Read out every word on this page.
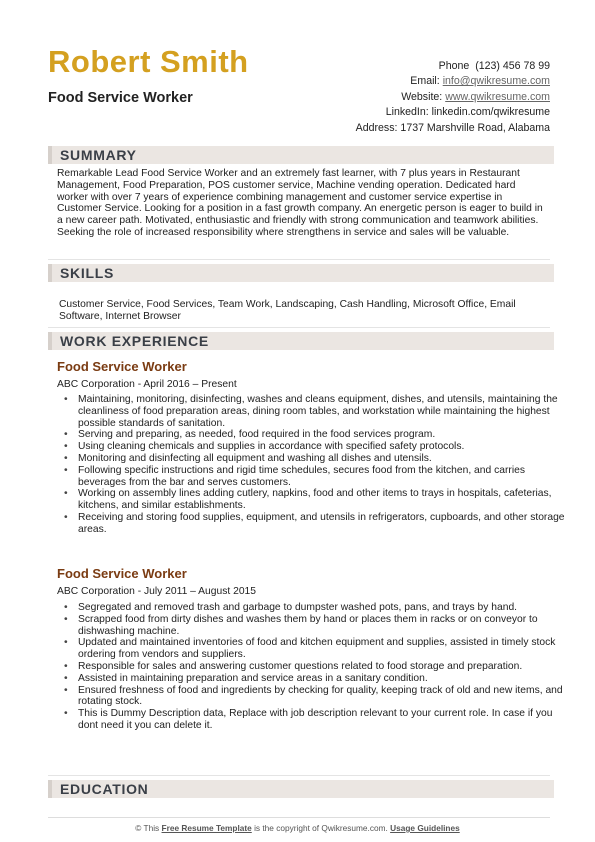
Robert Smith
Food Service Worker
Phone (123) 456 78 99
Email: info@qwikresume.com
Website: www.qwikresume.com
LinkedIn: linkedin.com/qwikresume
Address: 1737 Marshville Road, Alabama
SUMMARY
Remarkable Lead Food Service Worker and an extremely fast learner, with 7 plus years in Restaurant Management, Food Preparation, POS customer service, Machine vending operation. Dedicated hard worker with over 7 years of experience combining management and customer service expertise in Customer Service. Looking for a position in a fast growth company. An energetic person is eager to build in a new career path. Motivated, enthusiastic and friendly with strong communication and teamwork abilities. Seeking the role of increased responsibility where strengthens in service and sales will be valuable.
SKILLS
Customer Service, Food Services, Team Work, Landscaping, Cash Handling, Microsoft Office, Email Software, Internet Browser
WORK EXPERIENCE
Food Service Worker
ABC Corporation - April 2016 – Present
• Maintaining, monitoring, disinfecting, washes and cleans equipment, dishes, and utensils, maintaining the cleanliness of food preparation areas, dining room tables, and workstation while maintaining the highest possible standards of sanitation.
• Serving and preparing, as needed, food required in the food services program.
• Using cleaning chemicals and supplies in accordance with specified safety protocols.
• Monitoring and disinfecting all equipment and washing all dishes and utensils.
• Following specific instructions and rigid time schedules, secures food from the kitchen, and carries beverages from the bar and serves customers.
• Working on assembly lines adding cutlery, napkins, food and other items to trays in hospitals, cafeterias, kitchens, and similar establishments.
• Receiving and storing food supplies, equipment, and utensils in refrigerators, cupboards, and other storage areas.
Food Service Worker
ABC Corporation - July 2011 – August 2015
• Segregated and removed trash and garbage to dumpster washed pots, pans, and trays by hand.
• Scrapped food from dirty dishes and washes them by hand or places them in racks or on conveyor to dishwashing machine.
• Updated and maintained inventories of food and kitchen equipment and supplies, assisted in timely stock ordering from vendors and suppliers.
• Responsible for sales and answering customer questions related to food storage and preparation.
• Assisted in maintaining preparation and service areas in a sanitary condition.
• Ensured freshness of food and ingredients by checking for quality, keeping track of old and new items, and rotating stock.
• This is Dummy Description data, Replace with job description relevant to your current role. In case if you dont need it you can delete it.
EDUCATION
© This Free Resume Template is the copyright of Qwikresume.com. Usage Guidelines
